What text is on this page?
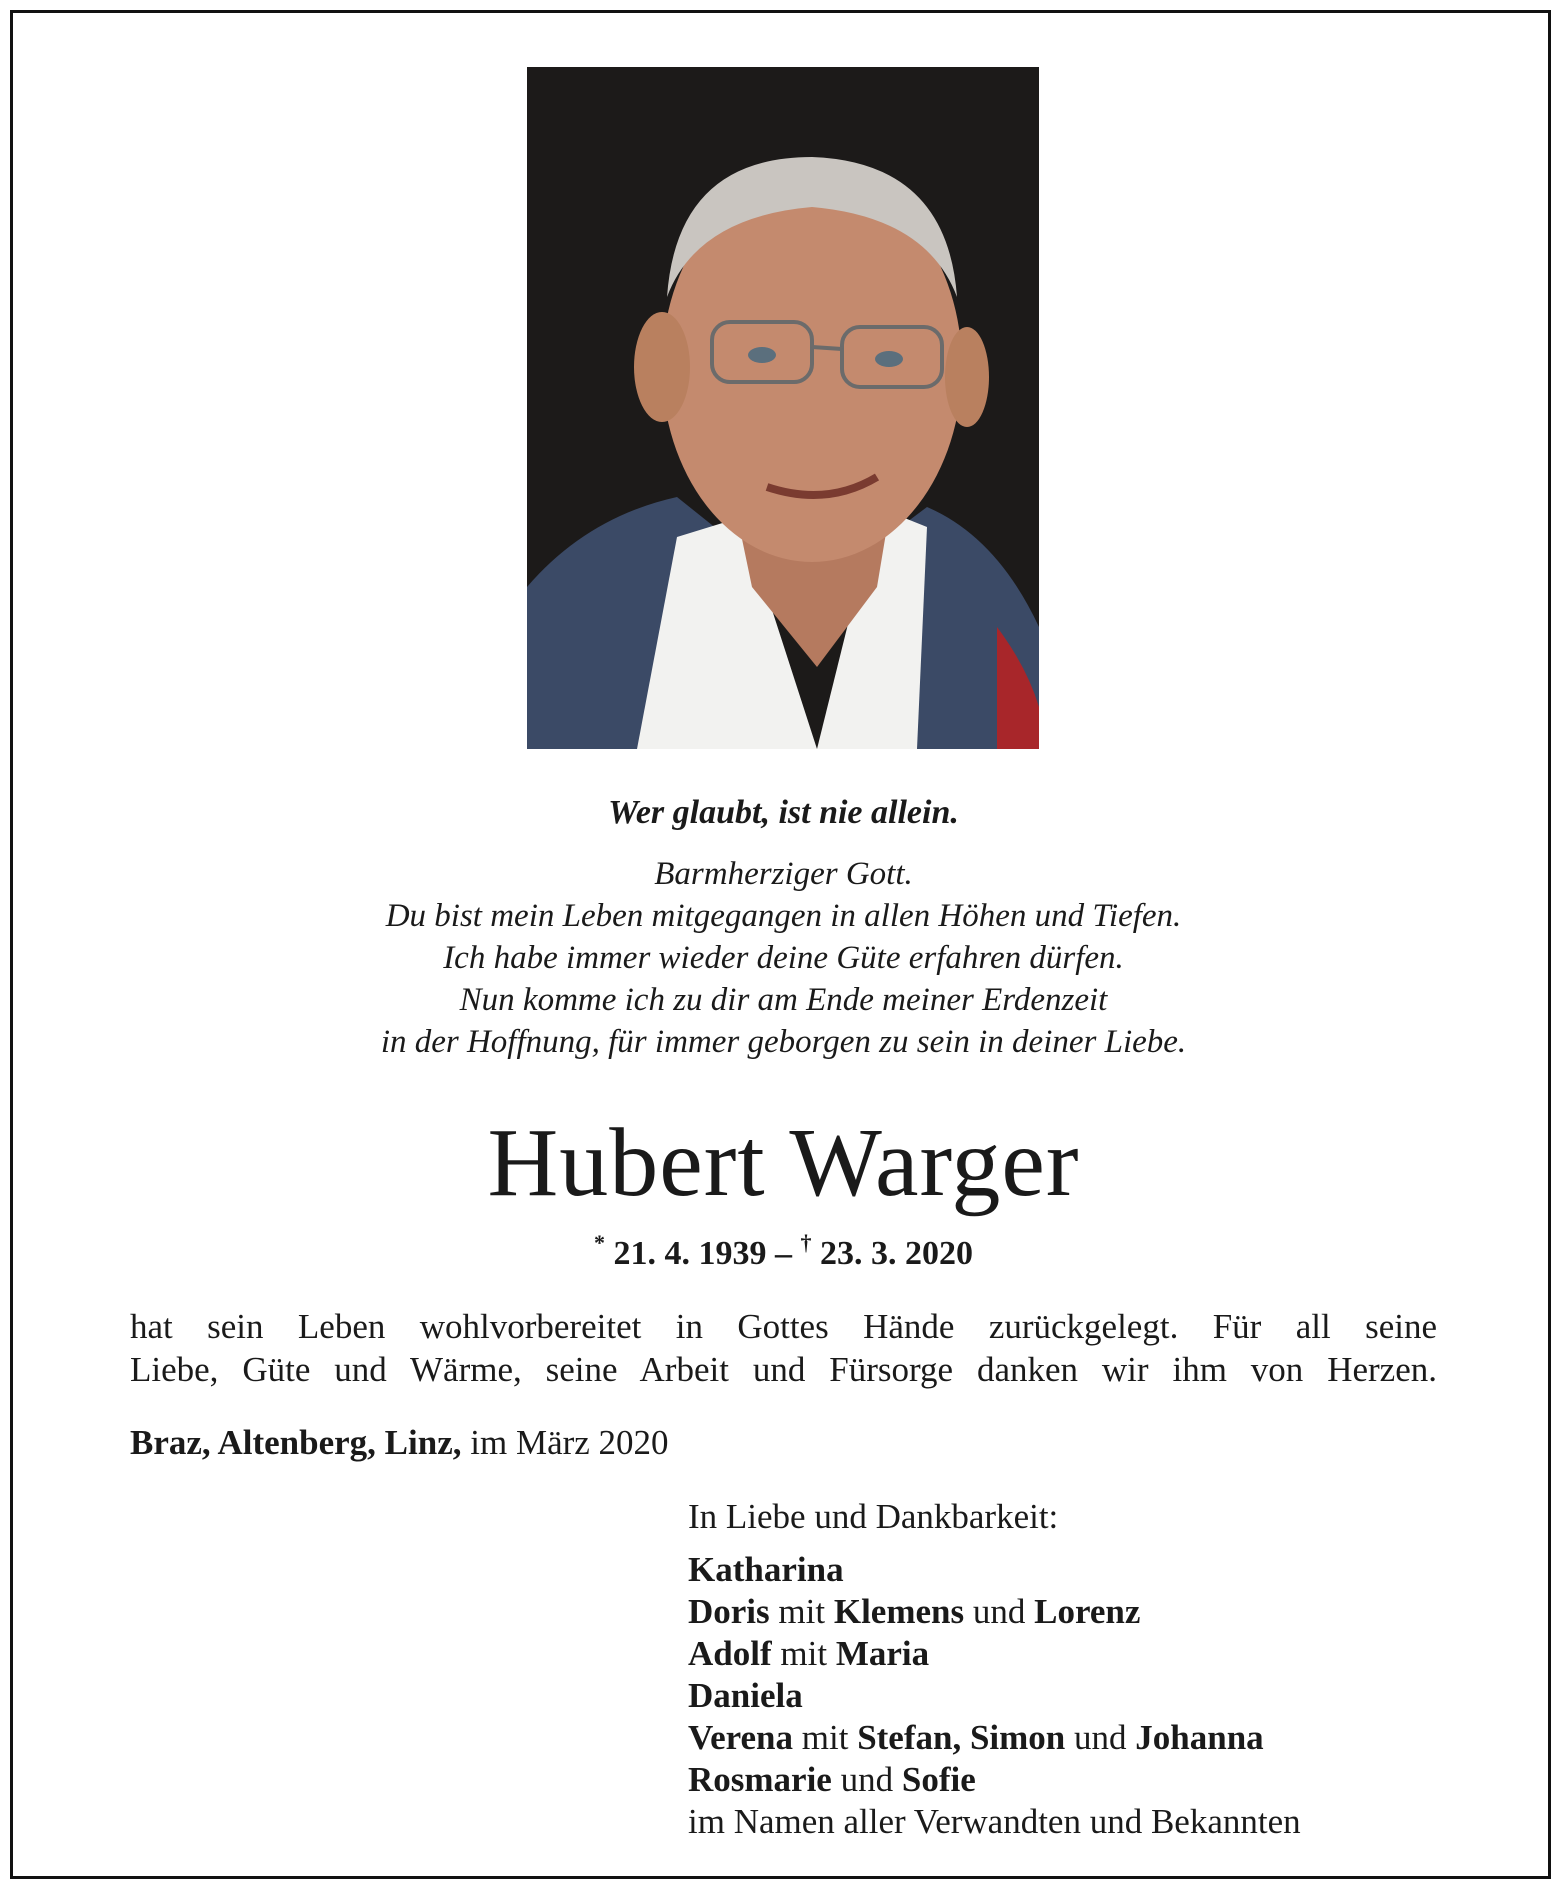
Wer glaubt, ist nie allein.
Barmherziger Gott.
Du bist mein Leben mitgegangen in allen Höhen und Tiefen.
Ich habe immer wieder deine Güte erfahren dürfen.
Nun komme ich zu dir am Ende meiner Erdenzeit
in der Hoffnung, für immer geborgen zu sein in deiner Liebe.
Hubert Warger
* 21. 4. 1939 – † 23. 3. 2020
hat sein Leben wohlvorbereitet in Gottes Hände zurückgelegt. Für all seine
Liebe, Güte und Wärme, seine Arbeit und Fürsorge danken wir ihm von Herzen.
Braz, Altenberg, Linz, im März 2020
In Liebe und Dankbarkeit:
Katharina
Doris mit Klemens und Lorenz
Adolf mit Maria
Daniela
Verena mit Stefan, Simon und Johanna
Rosmarie und Sofie
im Namen aller Verwandten und Bekannten
